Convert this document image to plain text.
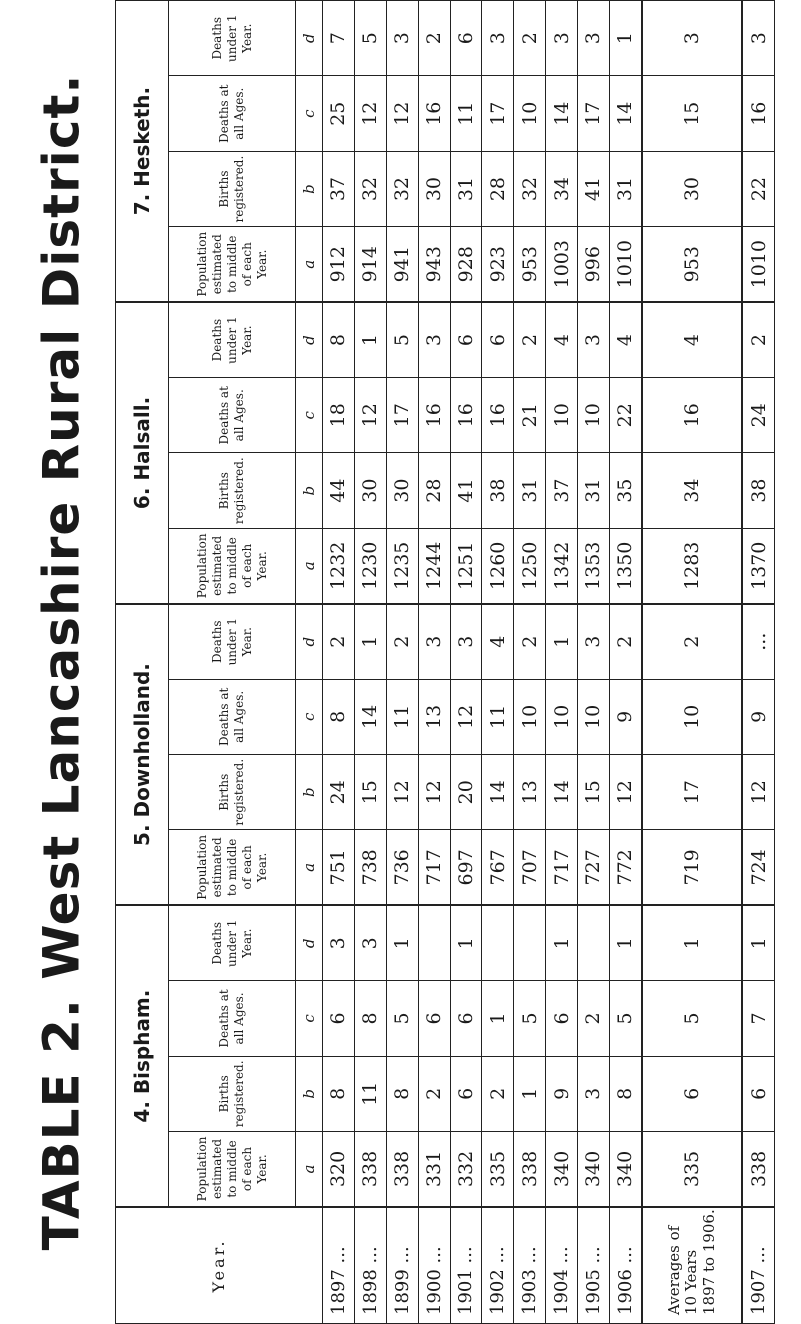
TABLE 2. West Lancashire Rural District.
Year.	4. Bispham.				5. Downholland.				6. Halsall.				7. Hesketh.			
	Population estimated to middle of each Year.	Births registered.	Deaths at all Ages.	Deaths under 1 Year.	Population estimated to middle of each Year.	Births registered.	Deaths at all Ages.	Deaths under 1 Year.	Population estimated to middle of each Year.	Births registered.	Deaths at all Ages.	Deaths under 1 Year.	Population estimated to middle of each Year.	Births registered.	Deaths at all Ages.	Deaths under 1 Year.
	a	b	c	d	a	b	c	d	a	b	c	d	a	b	c	d
1897 ...	320	8	6	3	751	24	8	2	1232	44	18	8	912	37	25	7
1898 ...	338	11	8	3	738	15	14	1	1230	30	12	1	914	32	12	5
1899 ...	338	8	5	1	736	12	11	2	1235	30	17	5	941	32	12	3
1900 ...	331	2	6		717	12	13	3	1244	28	16	3	943	30	16	2
1901 ...	332	6	6	1	697	20	12	3	1251	41	16	6	928	31	11	6
1902 ...	335	2	1		767	14	11	4	1260	38	16	6	923	28	17	3
1903 ...	338	1	5		707	13	10	2	1250	31	21	2	953	32	10	2
1904 ...	340	9	6	1	717	14	10	1	1342	37	10	4	1003	34	14	3
1905 ...	340	3	2		727	15	10	3	1353	31	10	3	996	41	17	3
1906 ...	340	8	5	1	772	12	9	2	1350	35	22	4	1010	31	14	1
Averages of 10 Years 1897 to 1906.	335	6	5	1	719	17	10	2	1283	34	16	4	953	30	15	3
1907 ...	338	6	7	1	724	12	9	...	1370	38	24	2	1010	22	16	3
